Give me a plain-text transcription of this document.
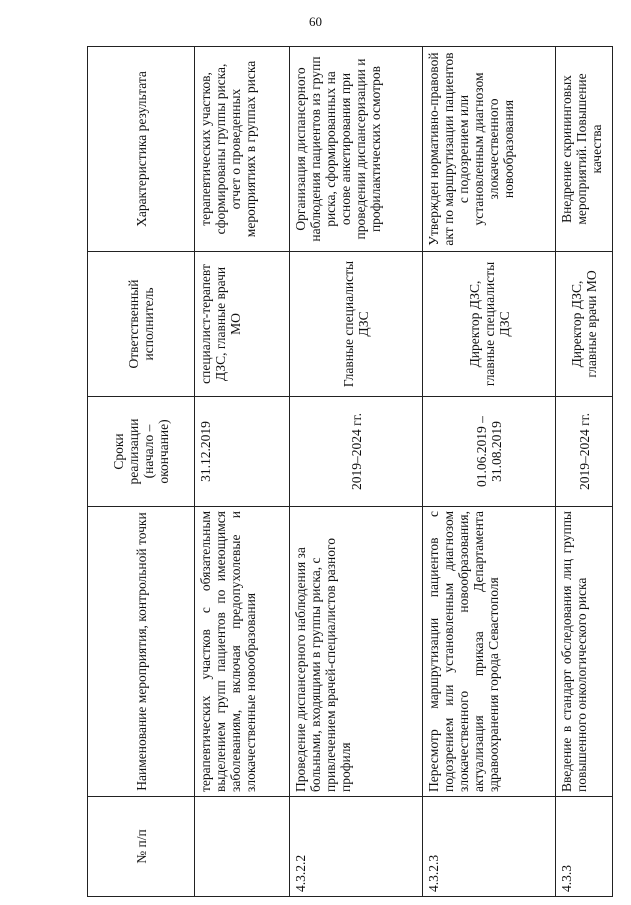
60
№ п/п	Наименование мероприятия, контрольной точки	Сроки реализации (начало – окончание)	Ответственный исполнитель	Характеристика результата
	терапевтических участков с обязательным выделением групп пациентов по имеющимся заболеваниям, включая предопухолевые и злокачественные новообразования	31.12.2019	специалист-терапевт ДЗС, главные врачи МО	терапевтических участков, сформированы группы риска, отчет о проведенных мероприятиях в группах риска
4.3.2.2	Проведение диспансерного наблюдения за больными, входящими в группы риска, с привлечением врачей-специалистов разного профиля	2019–2024 гг.	Главные специалисты ДЗС	Организация диспансерного наблюдения пациентов из групп риска, сформированных на основе анкетирования при проведении диспансеризации и профилактических осмотров
4.3.2.3	Пересмотр маршрутизации пациентов с подозрением или установленным диагнозом злокачественного новообразования, актуализация приказа Департамента здравоохранения города Севастополя	01.06.2019 – 31.08.2019	Директор ДЗС, главные специалисты ДЗС	Утвержден нормативно-правовой акт по маршрутизации пациентов с подозрением или установленным диагнозом злокачественного новообразования
4.3.3	Введение в стандарт обследования лиц группы повышенного онкологического риска	2019–2024 гг.	Директор ДЗС, главные врачи МО	Внедрение скрининговых мероприятий. Повышение качества
